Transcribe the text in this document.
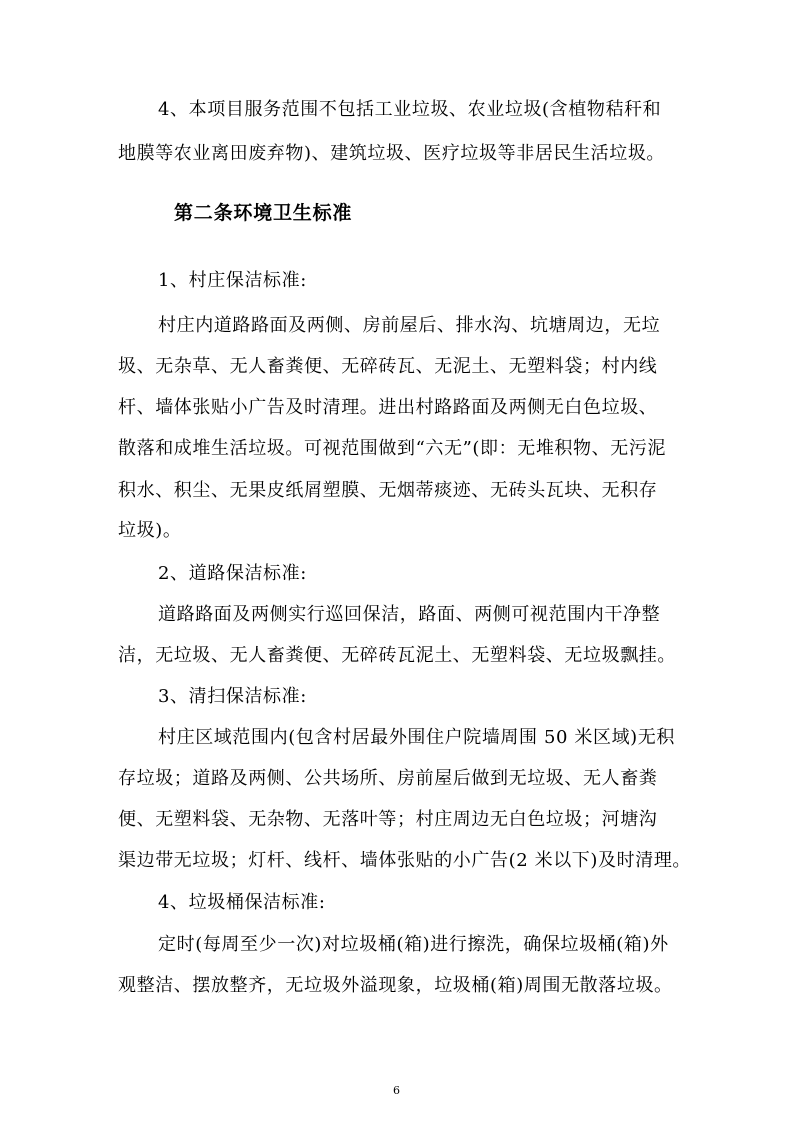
4、本项目服务范围不包括工业垃圾、农业垃圾(含植物秸秆和
地膜等农业离田废弃物)、建筑垃圾、医疗垃圾等非居民生活垃圾。
第二条环境卫生标准
1、村庄保洁标准:
村庄内道路路面及两侧、房前屋后、排水沟、坑塘周边，无垃
圾、无杂草、无人畜粪便、无碎砖瓦、无泥土、无塑料袋；村内线
杆、墙体张贴小广告及时清理。进出村路路面及两侧无白色垃圾、
散落和成堆生活垃圾。可视范围做到“六无”(即：无堆积物、无污泥
积水、积尘、无果皮纸屑塑膜、无烟蒂痰迹、无砖头瓦块、无积存
垃圾)。
2、道路保洁标准:
道路路面及两侧实行巡回保洁，路面、两侧可视范围内干净整
洁，无垃圾、无人畜粪便、无碎砖瓦泥土、无塑料袋、无垃圾飘挂。
3、清扫保洁标准:
村庄区域范围内(包含村居最外围住户院墙周围 50 米区域)无积
存垃圾；道路及两侧、公共场所、房前屋后做到无垃圾、无人畜粪
便、无塑料袋、无杂物、无落叶等；村庄周边无白色垃圾；河塘沟
渠边带无垃圾；灯杆、线杆、墙体张贴的小广告(2 米以下)及时清理。
4、垃圾桶保洁标准:
定时(每周至少一次)对垃圾桶(箱)进行擦洗，确保垃圾桶(箱)外
观整洁、摆放整齐，无垃圾外溢现象，垃圾桶(箱)周围无散落垃圾。
6
